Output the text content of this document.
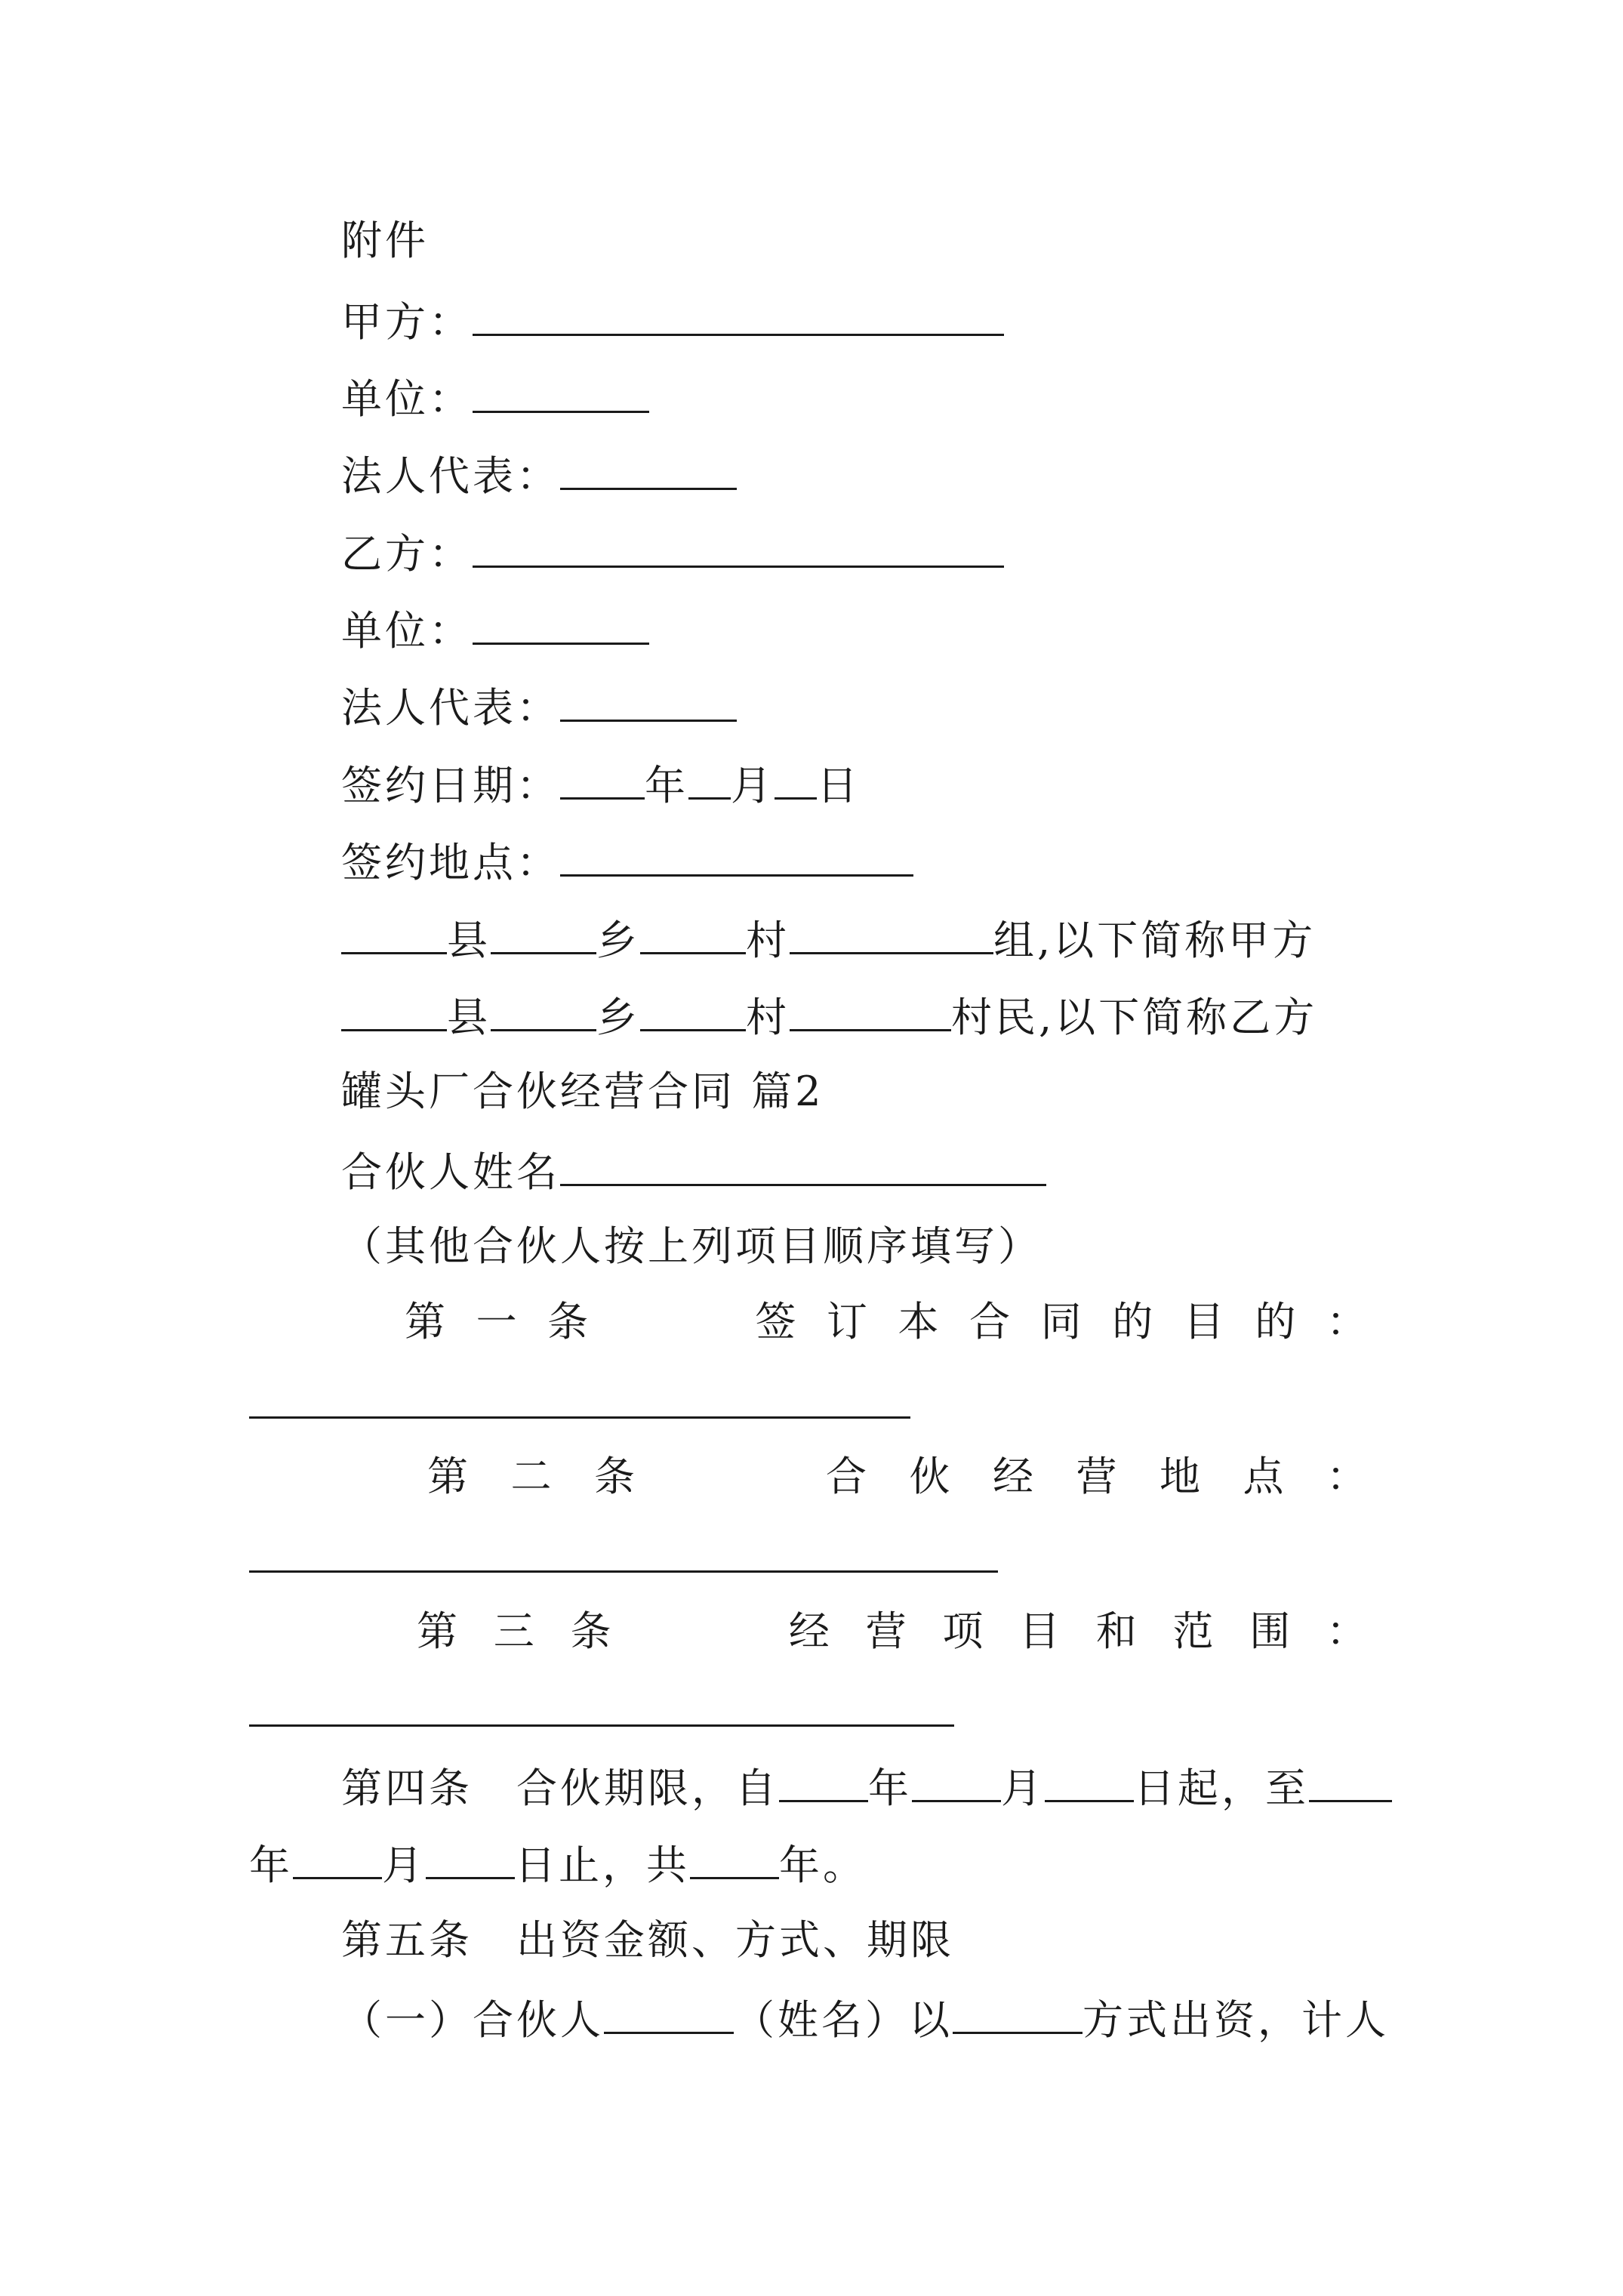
附件
甲方：
单位：
法人代表：
乙方：
单位：
法人代表：
签约日期： 年 月 日
签约地点：
县	乡	村	组,以下简称甲方
县	乡	村	村民,以下简称乙方
罐头厂合伙经营合同 篇2
合伙人姓名
（其他合伙人按上列项目顺序填写）
第 一 条	签 订 本 合 同 的 目 的 ：
第 二 条	合 伙 经 营 地 点 ：
第 三 条	经 营 项 目 和 范 围 ：
第四条　合伙期限，自 年 月 日起，至
年 月 日止，共 年。
第五条　出资金额、方式、期限
（一）合伙人	（姓名）以	方式出资，计人
